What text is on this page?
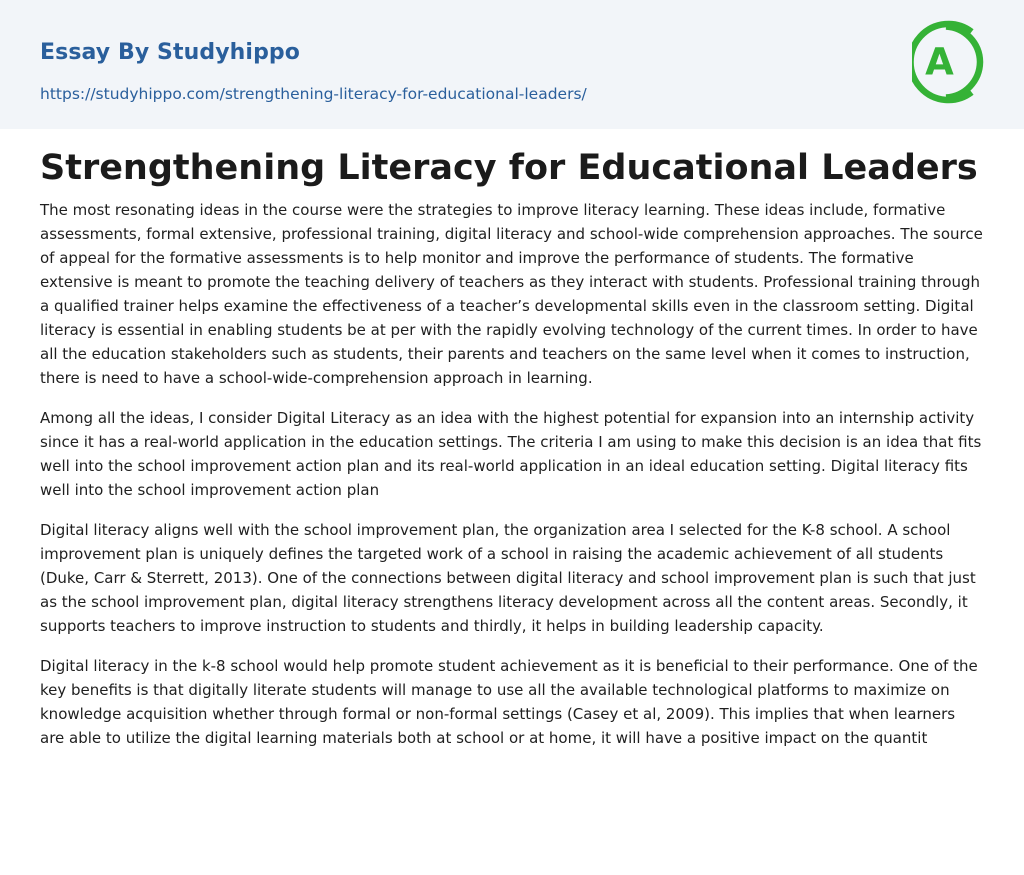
Essay By Studyhippo
https://studyhippo.com/strengthening-literacy-for-educational-leaders/
A
Strengthening Literacy for Educational Leaders

The most resonating ideas in the course were the strategies to improve literacy learning. These ideas include, formative assessments, formal extensive, professional training, digital literacy and school-wide comprehension approaches. The source of appeal for the formative assessments is to help monitor and improve the performance of students. The formative extensive is meant to promote the teaching delivery of teachers as they interact with students. Professional training through a qualified trainer helps examine the effectiveness of a teacher’s developmental skills even in the classroom setting. Digital literacy is essential in enabling students be at per with the rapidly evolving technology of the current times. In order to have all the education stakeholders such as students, their parents and teachers on the same level when it comes to instruction, there is need to have a school-wide-comprehension approach in learning.

Among all the ideas, I consider Digital Literacy as an idea with the highest potential for expansion into an internship activity since it has a real-world application in the education settings. The criteria I am using to make this decision is an idea that fits well into the school improvement action plan and its real-world application in an ideal education setting. Digital literacy fits well into the school improvement action plan

Digital literacy aligns well with the school improvement plan, the organization area I selected for the K-8 school. A school improvement plan is uniquely defines the targeted work of a school in raising the academic achievement of all students (Duke, Carr & Sterrett, 2013). One of the connections between digital literacy and school improvement plan is such that just as the school improvement plan, digital literacy strengthens literacy development across all the content areas. Secondly, it supports teachers to improve instruction to students and thirdly, it helps in building leadership capacity.

Digital literacy in the k-8 school would help promote student achievement as it is beneficial to their performance. One of the key benefits is that digitally literate students will manage to use all the available technological platforms to maximize on knowledge acquisition whether through formal or non-formal settings (Casey et al, 2009). This implies that when learners are able to utilize the digital learning materials both at school or at home, it will have a positive impact on the quantit
